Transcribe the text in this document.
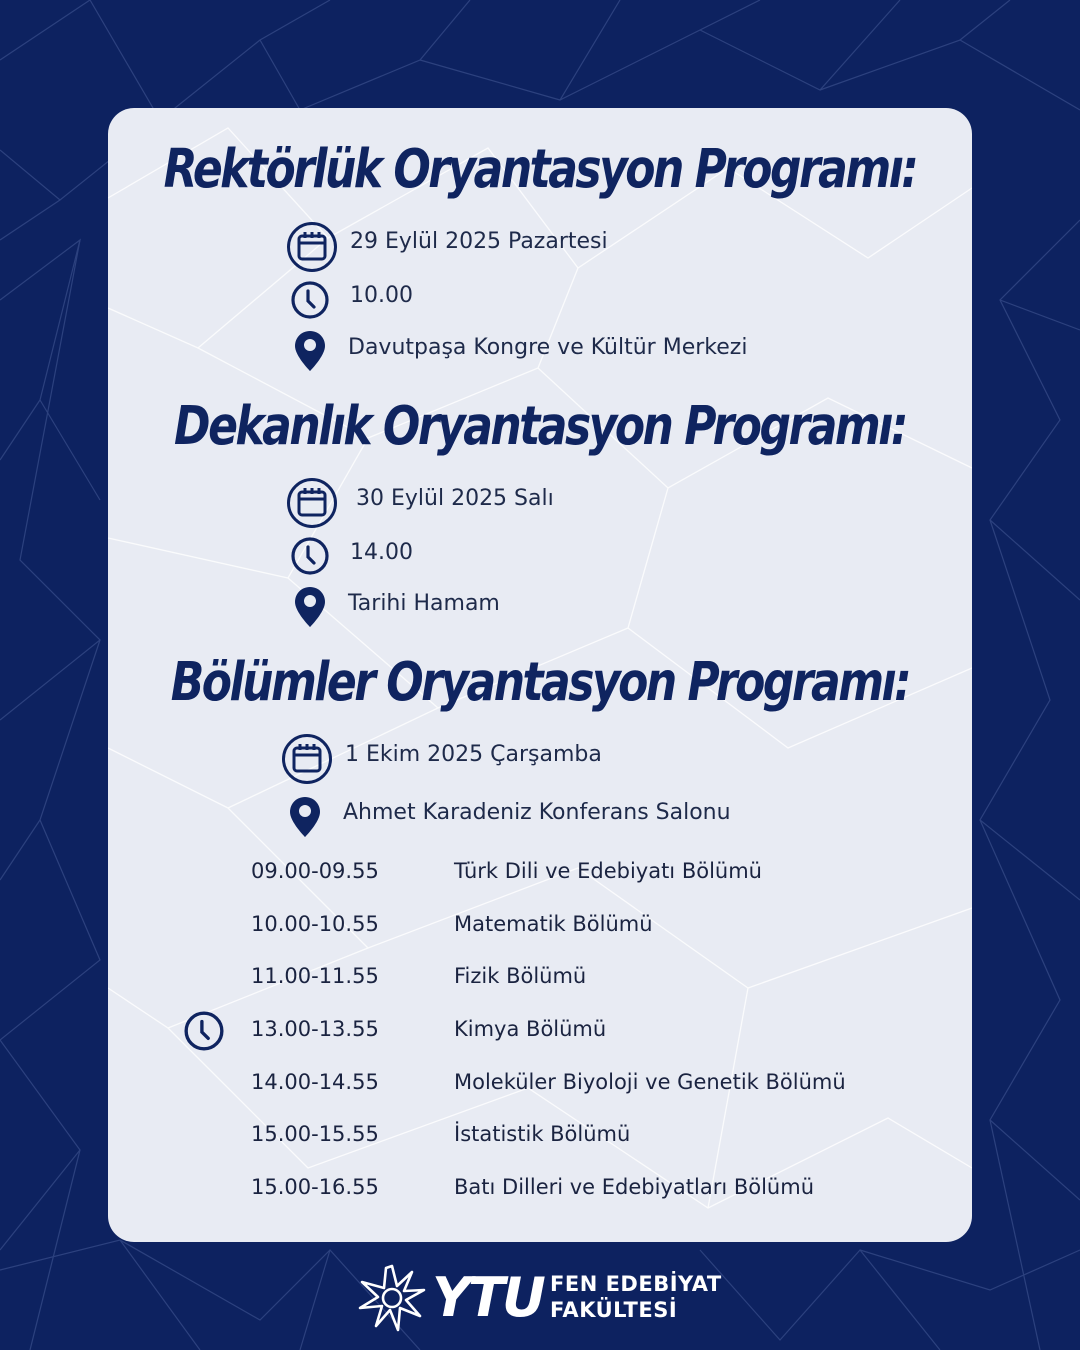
Rektörlük Oryantasyon Programı:
29 Eylül 2025 Pazartesi
10.00
Davutpaşa Kongre ve Kültür Merkezi
Dekanlık Oryantasyon Programı:
30 Eylül 2025 Salı
14.00
Tarihi Hamam
Bölümler Oryantasyon Programı:
1 Ekim 2025 Çarşamba
Ahmet Karadeniz Konferans Salonu
09.00-09.55	Türk Dili ve Edebiyatı Bölümü
10.00-10.55	Matematik Bölümü
11.00-11.55	Fizik Bölümü
13.00-13.55	Kimya Bölümü
14.00-14.55	Moleküler Biyoloji ve Genetik Bölümü
15.00-15.55	İstatistik Bölümü
15.00-16.55	Batı Dilleri ve Edebiyatları Bölümü
YTU FEN EDEBİYAT
FAKÜLTESİ
